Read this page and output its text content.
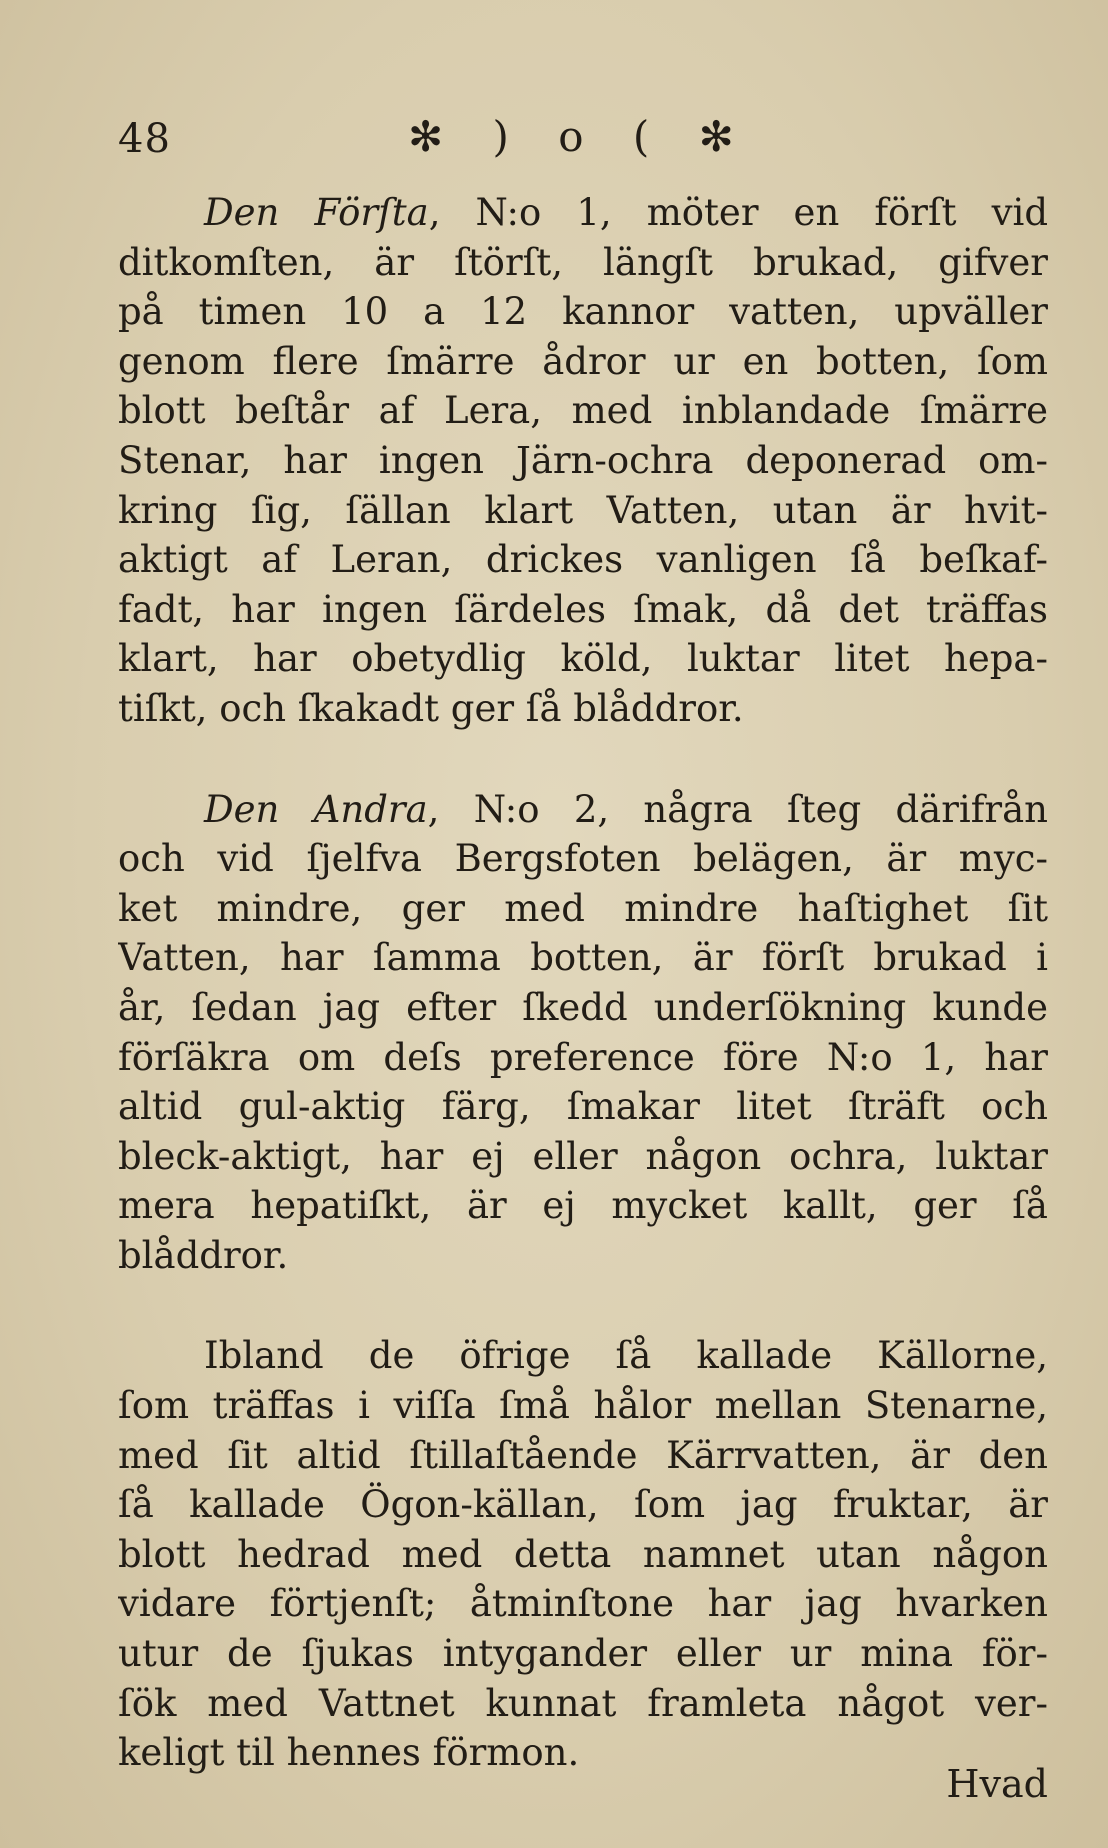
48	✻ ) o ( ✻

Den Förſta, N:o 1, möter en förſt vid
ditkomſten, är ſtörſt, längſt brukad, gifver
på timen 10 a 12 kannor vatten, upväller
genom flere ſmärre ådror ur en botten, ſom
blott beſtår af Lera, med inblandade ſmärre
Stenar, har ingen Järn-ochra deponerad om-
kring ſig, ſällan klart Vatten, utan är hvit-
aktigt af Leran, drickes vanligen ſå beſkaf-
fadt, har ingen ſärdeles ſmak, då det träffas
klart, har obetydlig köld, luktar litet hepa-
tiſkt, och ſkakadt ger ſå blåddror.

Den Andra, N:o 2, några ſteg därifrån
och vid ſjelfva Bergsfoten belägen, är myc-
ket mindre, ger med mindre haſtighet ſit
Vatten, har ſamma botten, är förſt brukad i
år, ſedan jag efter ſkedd underſökning kunde
förſäkra om deſs preference före N:o 1, har
altid gul-aktig färg, ſmakar litet ſträft och
bleck-aktigt, har ej eller någon ochra, luktar
mera hepatiſkt, är ej mycket kallt, ger ſå
blåddror.

Ibland de öfrige ſå kallade Källorne,
ſom träffas i viſſa ſmå hålor mellan Stenarne,
med ſit altid ſtillaſtående Kärrvatten, är den
ſå kallade Ögon-källan, ſom jag fruktar, är
blott hedrad med detta namnet utan någon
vidare förtjenſt; åtminſtone har jag hvarken
utur de ſjukas intygander eller ur mina för-
ſök med Vattnet kunnat framleta något ver-
keligt til hennes förmon.

Hvad
